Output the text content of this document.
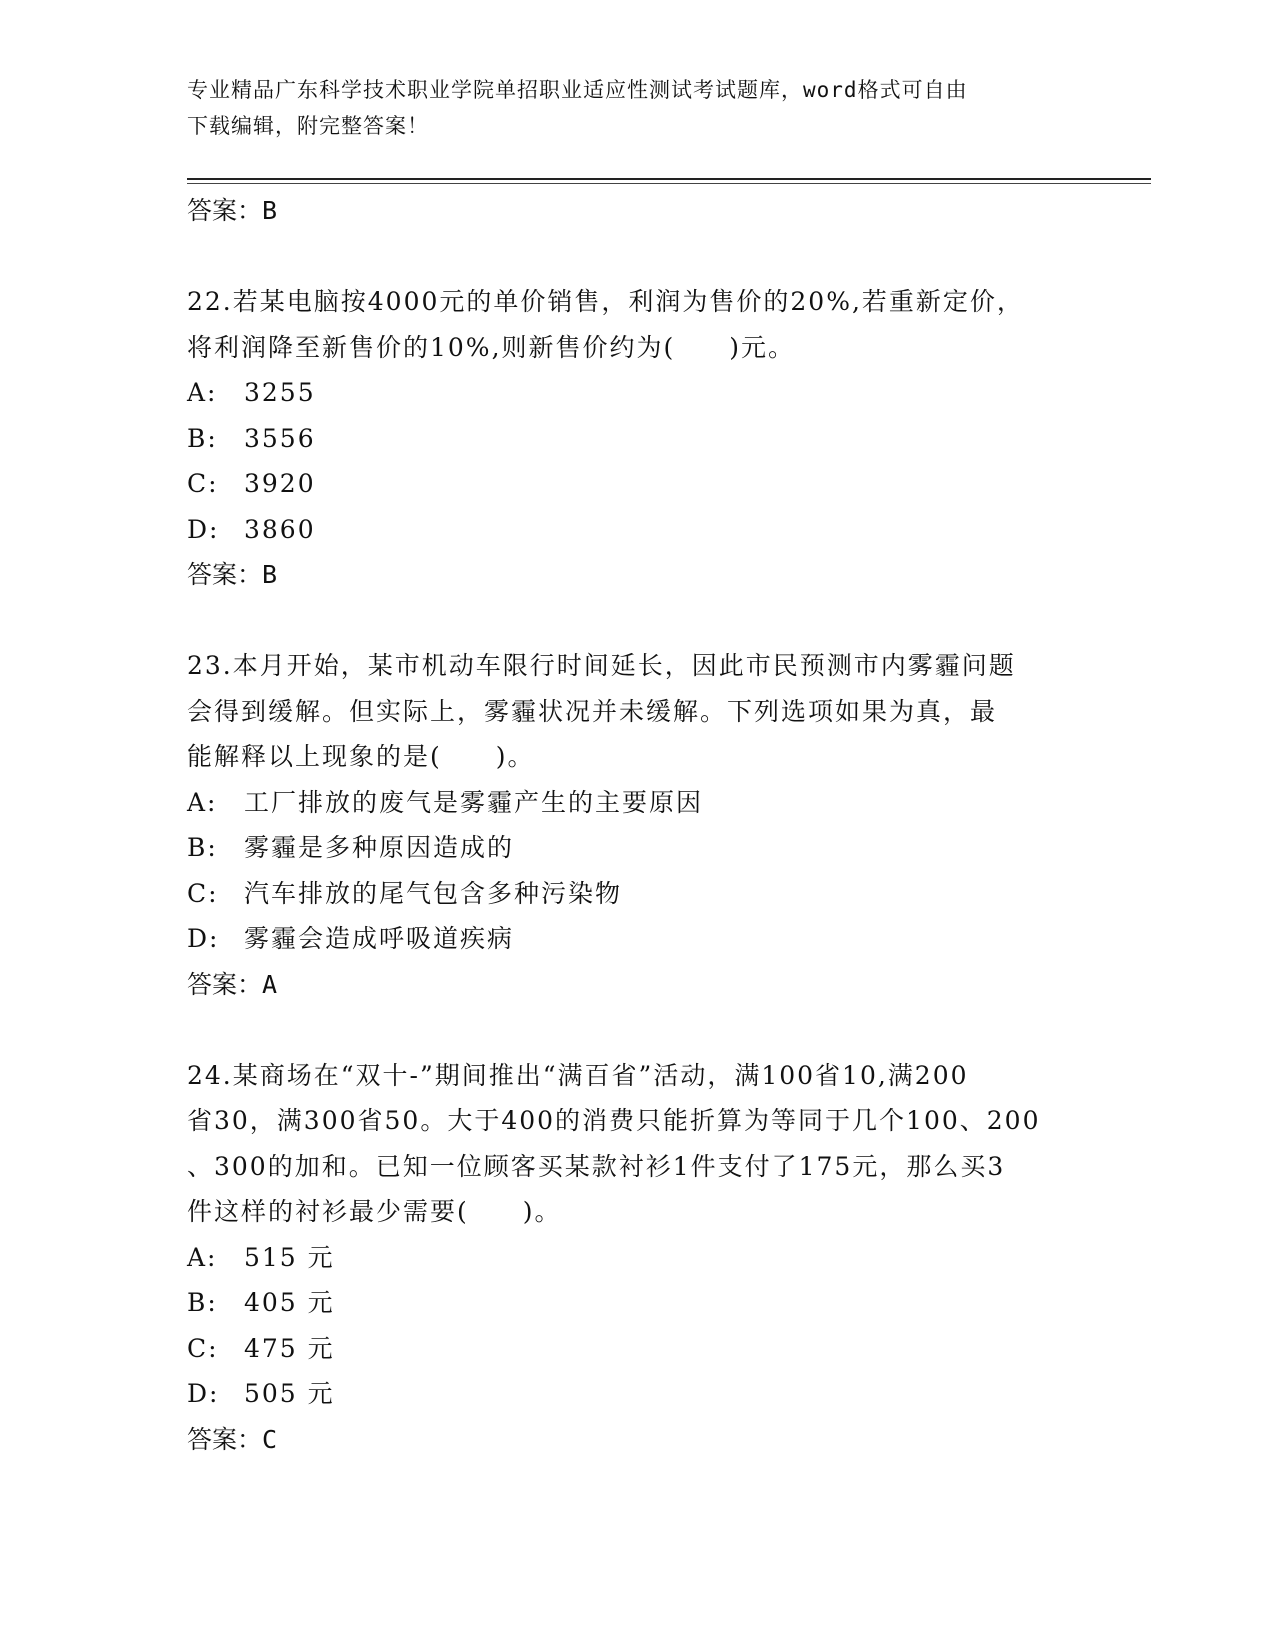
专业精品广东科学技术职业学院单招职业适应性测试考试题库，word格式可自由
下载编辑，附完整答案！
答案：B
22.若某电脑按4000元的单价销售，利润为售价的20%,若重新定价，
将利润降至新售价的10%,则新售价约为(　　)元。
A: 3255
B: 3556
C: 3920
D: 3860
答案：B
23.本月开始，某市机动车限行时间延长，因此市民预测市内雾霾问题
会得到缓解。但实际上，雾霾状况并未缓解。下列选项如果为真，最
能解释以上现象的是(　　)。
A: 工厂排放的废气是雾霾产生的主要原因
B: 雾霾是多种原因造成的
C: 汽车排放的尾气包含多种污染物
D: 雾霾会造成呼吸道疾病
答案：A
24.某商场在“双十-”期间推出“满百省”活动，满100省10,满200
省30，满300省50。大于400的消费只能折算为等同于几个100、200
、300的加和。已知一位顾客买某款衬衫1件支付了175元，那么买3
件这样的衬衫最少需要(　　)。
A: 515 元
B: 405 元
C: 475 元
D: 505 元
答案：C
